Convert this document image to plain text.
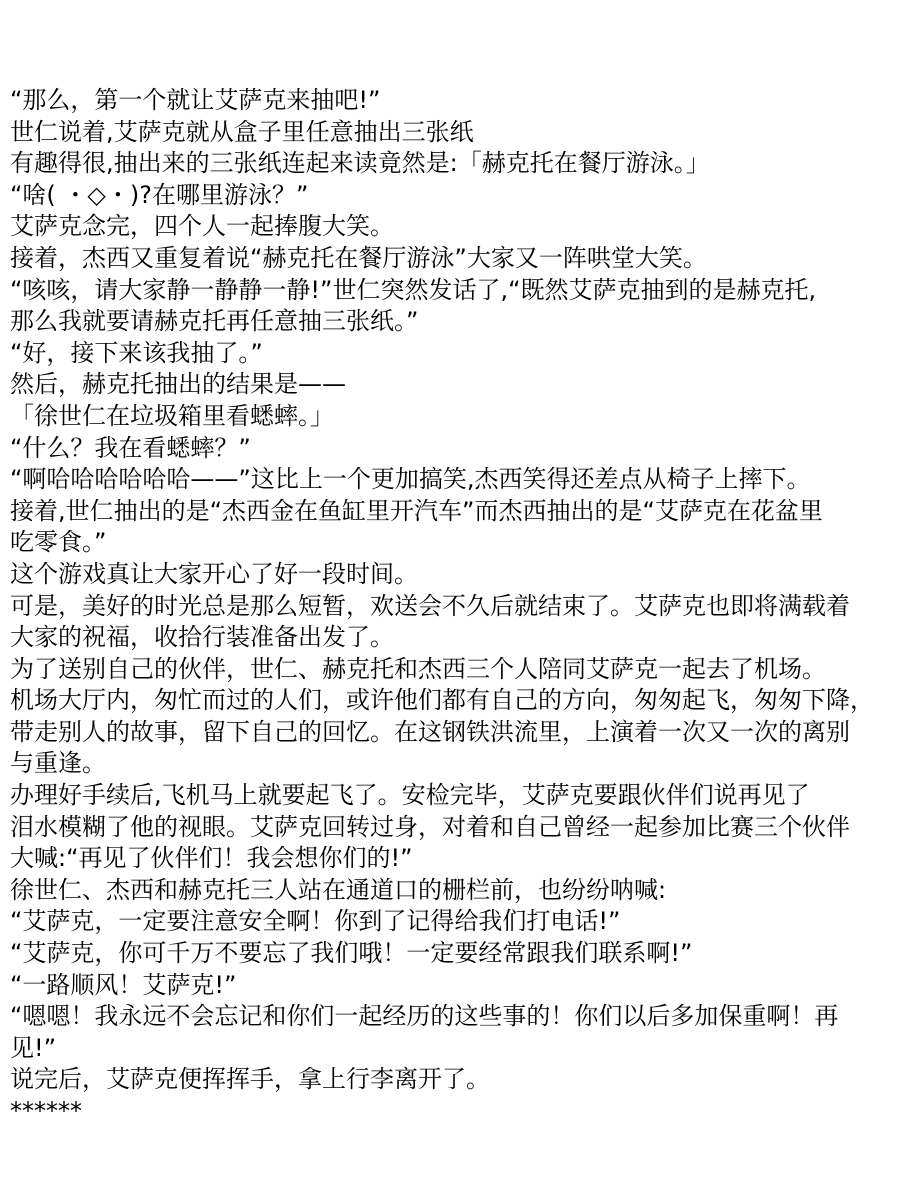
“那么，第一个就让艾萨克来抽吧!”
世仁说着,艾萨克就从盒子里任意抽出三张纸
有趣得很,抽出来的三张纸连起来读竟然是:「赫克托在餐厅游泳。」
“啥( ・◇・)?在哪里游泳？”
艾萨克念完，四个人一起捧腹大笑。
接着，杰西又重复着说“赫克托在餐厅游泳”大家又一阵哄堂大笑。
“咳咳，请大家静一静静一静!”世仁突然发话了,“既然艾萨克抽到的是赫克托,
那么我就要请赫克托再任意抽三张纸。”
“好，接下来该我抽了。”
然后，赫克托抽出的结果是——
「徐世仁在垃圾箱里看蟋蟀。」
“什么？我在看蟋蟀？”
“啊哈哈哈哈哈哈——”这比上一个更加搞笑,杰西笑得还差点从椅子上摔下。
接着,世仁抽出的是“杰西金在鱼缸里开汽车”而杰西抽出的是“艾萨克在花盆里
吃零食。”
这个游戏真让大家开心了好一段时间。
可是，美好的时光总是那么短暂，欢送会不久后就结束了。艾萨克也即将满载着
大家的祝福，收拾行装准备出发了。
为了送别自己的伙伴，世仁、赫克托和杰西三个人陪同艾萨克一起去了机场。
机场大厅内，匆忙而过的人们，或许他们都有自己的方向，匆匆起飞，匆匆下降，
带走别人的故事，留下自己的回忆。在这钢铁洪流里，上演着一次又一次的离别
与重逢。
办理好手续后,飞机马上就要起飞了。安检完毕，艾萨克要跟伙伴们说再见了
泪水模糊了他的视眼。艾萨克回转过身，对着和自己曾经一起参加比赛三个伙伴
大喊:“再见了伙伴们！我会想你们的!”
徐世仁、杰西和赫克托三人站在通道口的栅栏前，也纷纷呐喊:
“艾萨克，一定要注意安全啊！你到了记得给我们打电话!”
“艾萨克，你可千万不要忘了我们哦！一定要经常跟我们联系啊!”
“一路顺风！艾萨克!”
“嗯嗯！我永远不会忘记和你们一起经历的这些事的！你们以后多加保重啊！再
见!”
说完后，艾萨克便挥挥手，拿上行李离开了。
******
